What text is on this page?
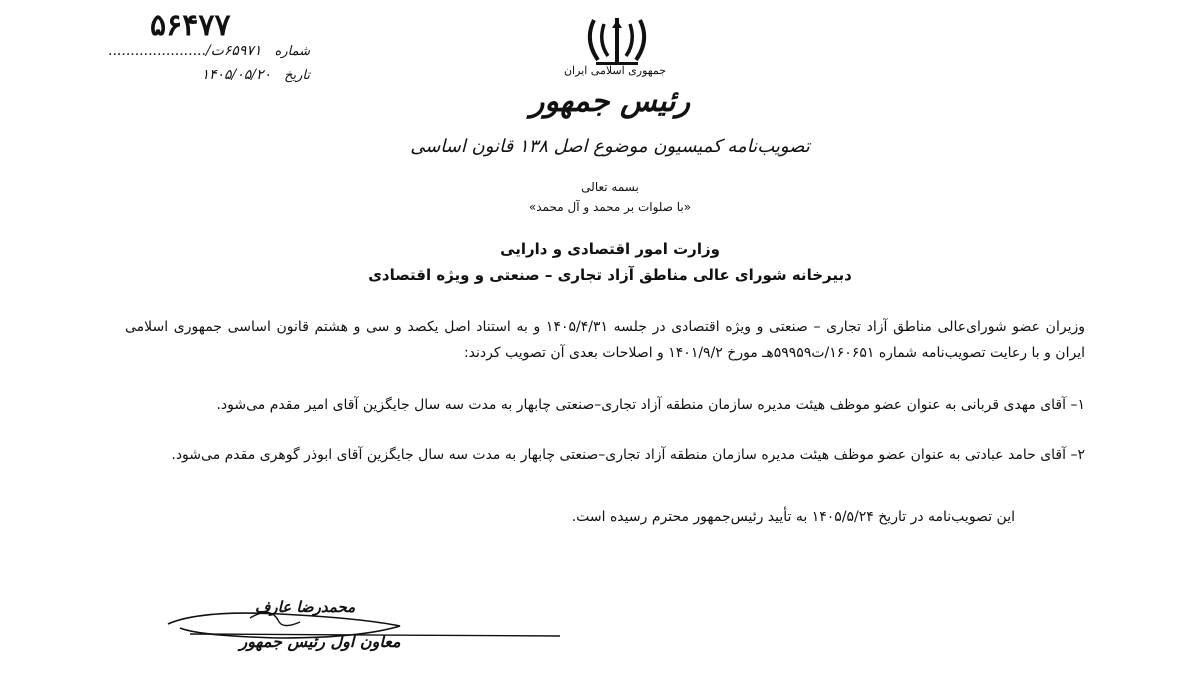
۵۶۴۷۷
شماره ۶۵۹۷۱ت/......................
تاریخ ۱۴۰۵/۰۵/۲۰	جمهوری اسلامی ایران
رئیس جمهور
تصویب‌نامه کمیسیون موضوع اصل ۱۳۸ قانون اساسی
بسمه تعالی
«با صلوات بر محمد و آل محمد»
وزارت امور اقتصادی و دارایی
دبیرخانه شورای عالی مناطق آزاد تجاری – صنعتی و ویژه اقتصادی
وزیران عضو شورای‌عالی مناطق آزاد تجاری – صنعتی و ویژه اقتصادی در جلسه ۱۴۰۵/۴/۳۱ و به استناد اصل یکصد و سی و هشتم قانون اساسی جمهوری اسلامی ایران و با رعایت تصویب‌نامه شماره ۱۶۰۶۵۱/ت۵۹۹۵۹هـ مورخ ۱۴۰۱/۹/۲ و اصلاحات بعدی آن تصویب کردند:
۱– آقای مهدی قربانی به عنوان عضو موظف هیئت مدیره سازمان منطقه آزاد تجاری–صنعتی چابهار به مدت سه سال جایگزین آقای امیر مقدم می‌شود.
۲– آقای حامد عبادتی به عنوان عضو موظف هیئت مدیره سازمان منطقه آزاد تجاری–صنعتی چابهار به مدت سه سال جایگزین آقای ابوذر گوهری مقدم می‌شود.
این تصویب‌نامه در تاریخ ۱۴۰۵/۵/۲۴ به تأیید رئیس‌جمهور محترم رسیده است.
محمدرضا عارف
معاون اول رئیس جمهور
